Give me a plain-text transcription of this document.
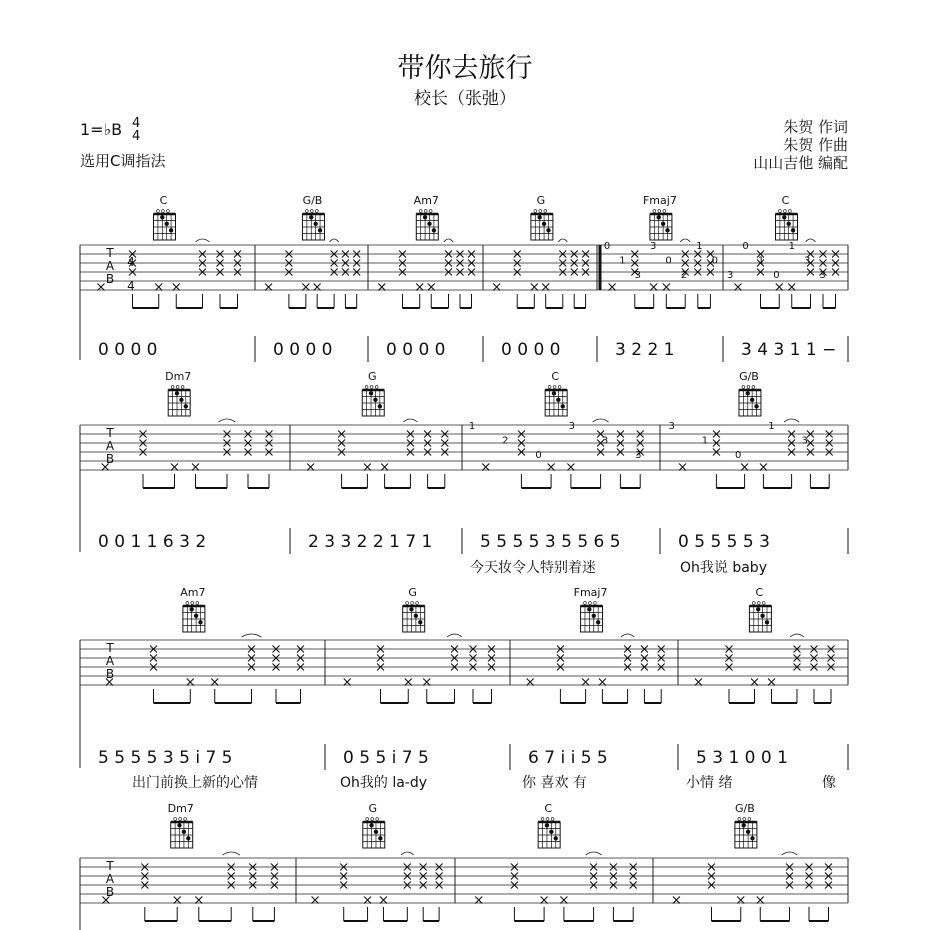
带你去旅行
校长（张弛）
1=♭B 4
4
选用C调指法
朱贺 作词
朱贺 作曲
山山吉他 编配
T
A
B
4
4
C	G/B	Am7	G	Fmaj7	C
0
1
3
3
0
2
1
0
3
0
1
0
1
3
3
T
A
B
Dm7	G	C	G/B
1
2
0
3
3
3
3
1
0
1
3
T
A
B
Am7	G	Fmaj7	C
T
A
B
Dm7	G	C	G/B
0 0 0 0	0 0 0 0	0 0 0 0	0 0 0 0	3 2 2 1	3 4 3 1 1 −
0 0 1 1 6 3 2	2 3 3 2 2 1 7 1	5 5 5 5 3 5 5 6 5	0 5 5 5 5 3
今天妆令人特别着迷	Oh我说 baby
5 5 5 5 3 5 i 7 5	0 5 5 i 7 5	6 7 i i 5 5	5 3 1 0 0 1
出门前换上新的心情	Oh我的 la-dy	你 喜欢 有	小情 绪	像
